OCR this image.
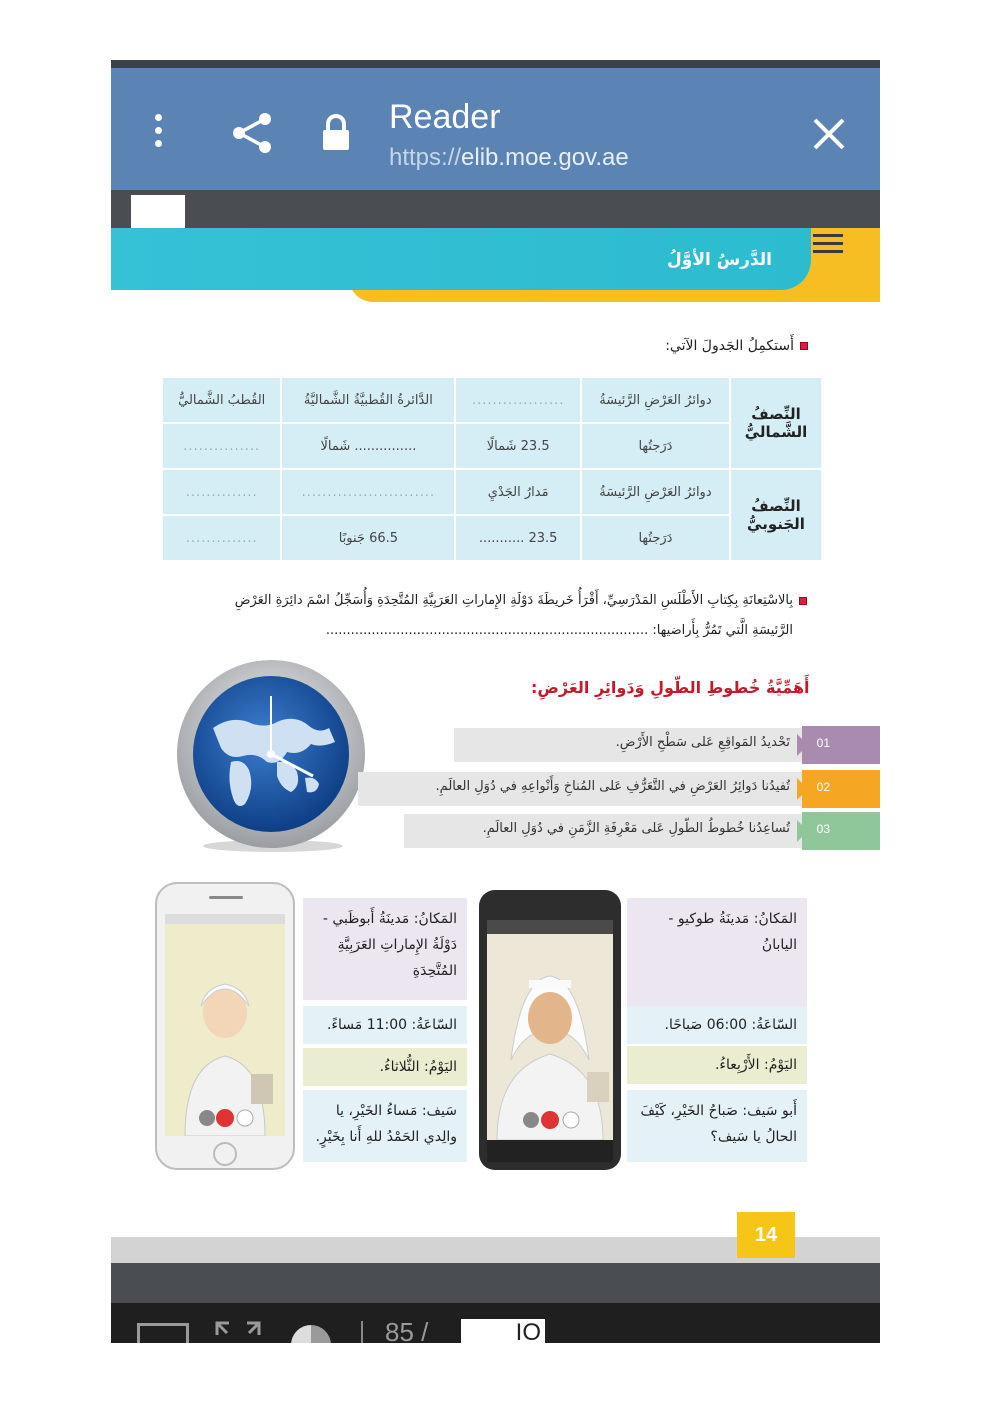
Reader
https://elib.moe.gov.ae
الدَّرسُ الأوَّلُ
أَستكمِلُ الجَدولَ الآتي:
النِّصفُ الشَّماليُّ	دوائرُ العَرْضِ الرَّئيسَةُ	..................	الدَّائرةُ القُطبيَّةُ الشَّماليَّةُ	القُطبُ الشَّماليُّ
	دَرَجتُها	23.5 شَمالًا	............... شَمالًا	...............
النِّصفُ الجَنوبيُّ	دوائرُ العَرْضِ الرَّئيسَةُ	مَدارُ الجَدْيِ	..........................	..............
	دَرَجتُها	23.5 ...........	66.5 جَنوبًا	..............
بِالاسْتِعانَةِ بِكِتابِ الأَطْلَسِ المَدْرَسِيِّ، أَقْرَأُ خَريطَةَ دَوْلَةِ الإِماراتِ العَرَبِيَّةِ المُتَّحِدَةِ وَأُسَجِّلُ اسْمَ دائِرَةِ العَرْضِ
الرَّئيسَةِ الَّتي تَمُرُّ بِأَراضيها: ..............................................................................
أَهَمِّيَّةُ خُطوطِ الطّولِ وَدَوائِرِ العَرْضِ:
01
تَحْديدُ المَواقِعِ عَلى سَطْحِ الأَرْضِ.
02
تُفيدُنا دَوائِرُ العَرْضِ في التَّعَرُّفِ عَلى المُناخِ وَأَنْواعِهِ في دُوَلِ العالَمِ.
03
تُساعِدُنا خُطوطُ الطّولِ عَلى مَعْرِفَةِ الزَّمَنِ في دُوَلِ العالَمِ.
المَكانُ: مَدينَةُ أَبوظَبي - دَوْلَةُ الإِماراتِ العَرَبِيَّةِ المُتَّحِدَةِ
السّاعَةُ: 11:00 مَساءً.
اليَوْمُ: الثُّلاثاءُ.
سَيف: مَساءُ الخَيْرِ، يا والِدي الحَمْدُ للهِ أَنا بِخَيْرٍ.
المَكانُ: مَدينَةُ طوكيو - اليابانُ
السّاعَةُ: 06:00 صَباحًا.
اليَوْمُ: الأَرْبِعاءُ.
أَبو سَيف: صَباحُ الخَيْرِ، كَيْفَ الحالُ يا سَيف؟
14
85 /	IO
